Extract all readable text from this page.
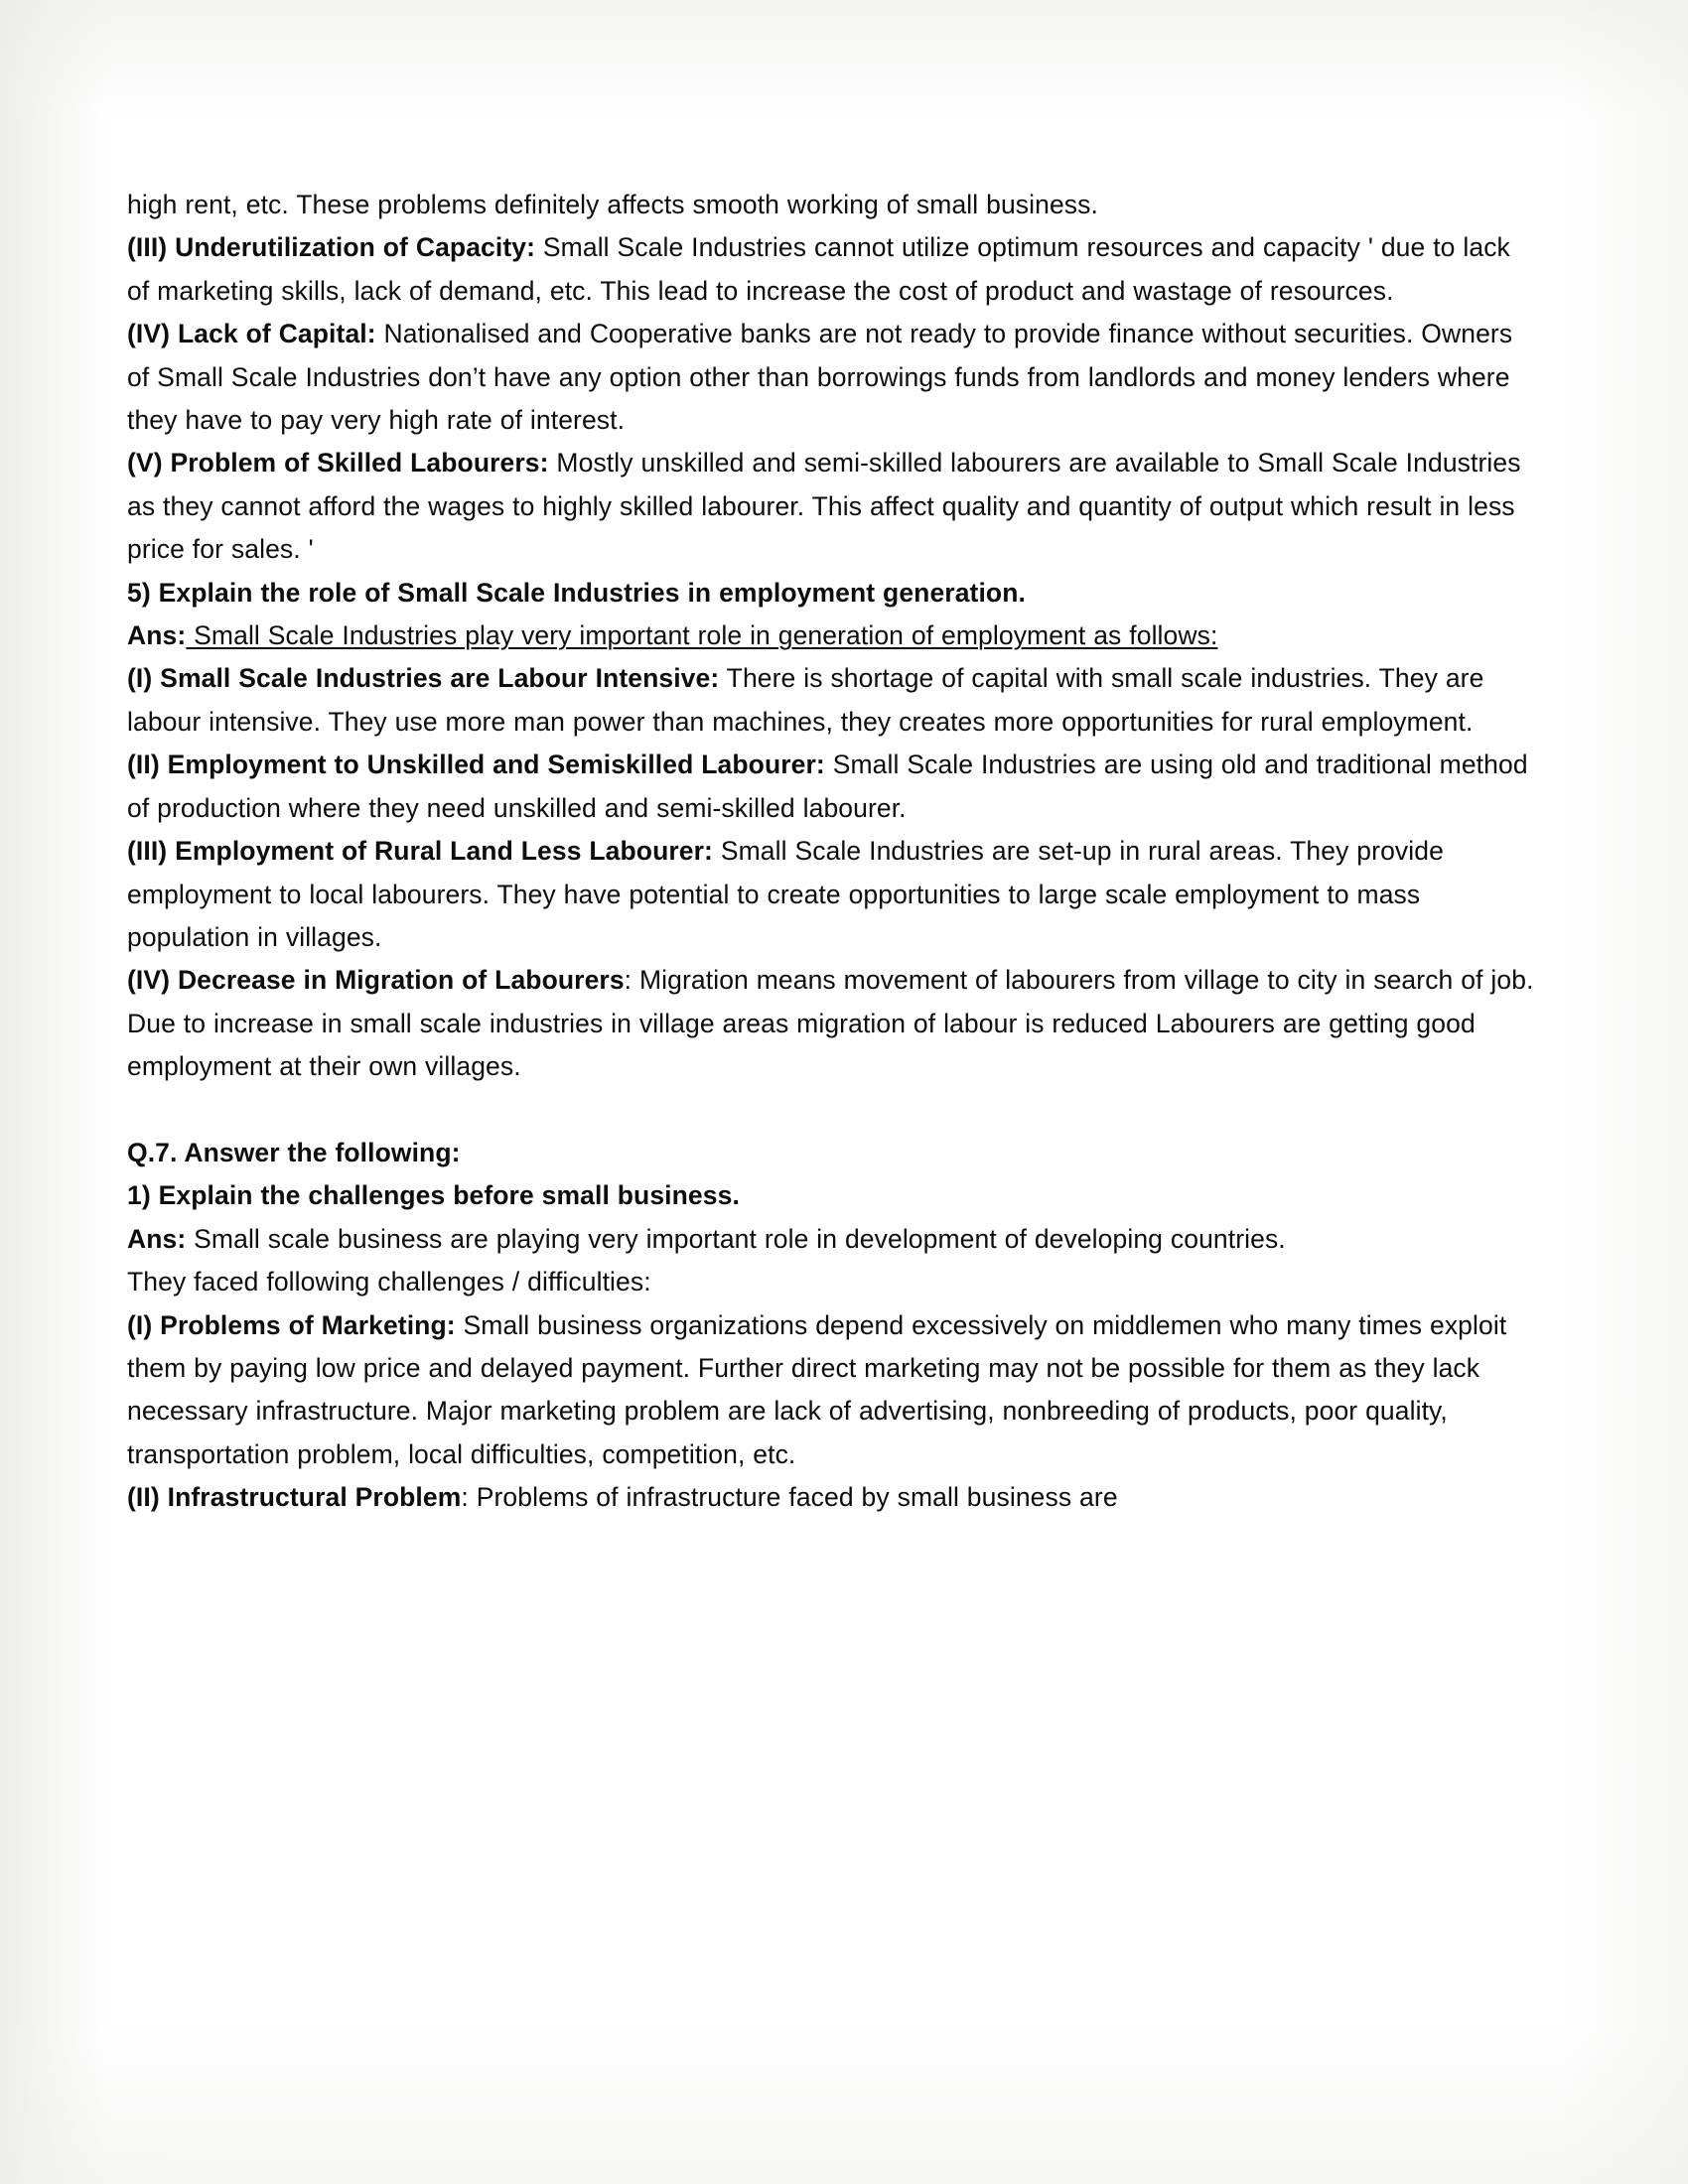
high rent, etc. These problems definitely affects smooth working of small business.

(III) Underutilization of Capacity: Small Scale Industries cannot utilize optimum resources and capacity ' due to lack of marketing skills, lack of demand, etc. This lead to increase the cost of product and wastage of resources.

(IV) Lack of Capital: Nationalised and Cooperative banks are not ready to provide finance without securities. Owners of Small Scale Industries don’t have any option other than borrowings funds from landlords and money lenders where they have to pay very high rate of interest.

(V) Problem of Skilled Labourers: Mostly unskilled and semi-skilled labourers are available to Small Scale Industries as they cannot afford the wages to highly skilled labourer. This affect quality and quantity of output which result in less price for sales. '

5) Explain the role of Small Scale Industries in employment generation.

Ans: Small Scale Industries play very important role in generation of employment as follows:

(I) Small Scale Industries are Labour Intensive: There is shortage of capital with small scale industries. They are labour intensive. They use more man power than machines, they creates more opportunities for rural employment.

(II) Employment to Unskilled and Semiskilled Labourer: Small Scale Industries are using old and traditional method of production where they need unskilled and semi-skilled labourer.

(III) Employment of Rural Land Less Labourer: Small Scale Industries are set-up in rural areas. They provide employment to local labourers. They have potential to create opportunities to large scale employment to mass population in villages.

(IV) Decrease in Migration of Labourers: Migration means movement of labourers from village to city in search of job. Due to increase in small scale industries in village areas migration of labour is reduced Labourers are getting good employment at their own villages.

Q.7. Answer the following:

1) Explain the challenges before small business.

Ans: Small scale business are playing very important role in development of developing countries.

They faced following challenges / difficulties:

(I) Problems of Marketing: Small business organizations depend excessively on middlemen who many times exploit them by paying low price and delayed payment. Further direct marketing may not be possible for them as they lack necessary infrastructure. Major marketing problem are lack of advertising, nonbreeding of products, poor quality, transportation problem, local difficulties, competition, etc.

(II) Infrastructural Problem: Problems of infrastructure faced by small business are
